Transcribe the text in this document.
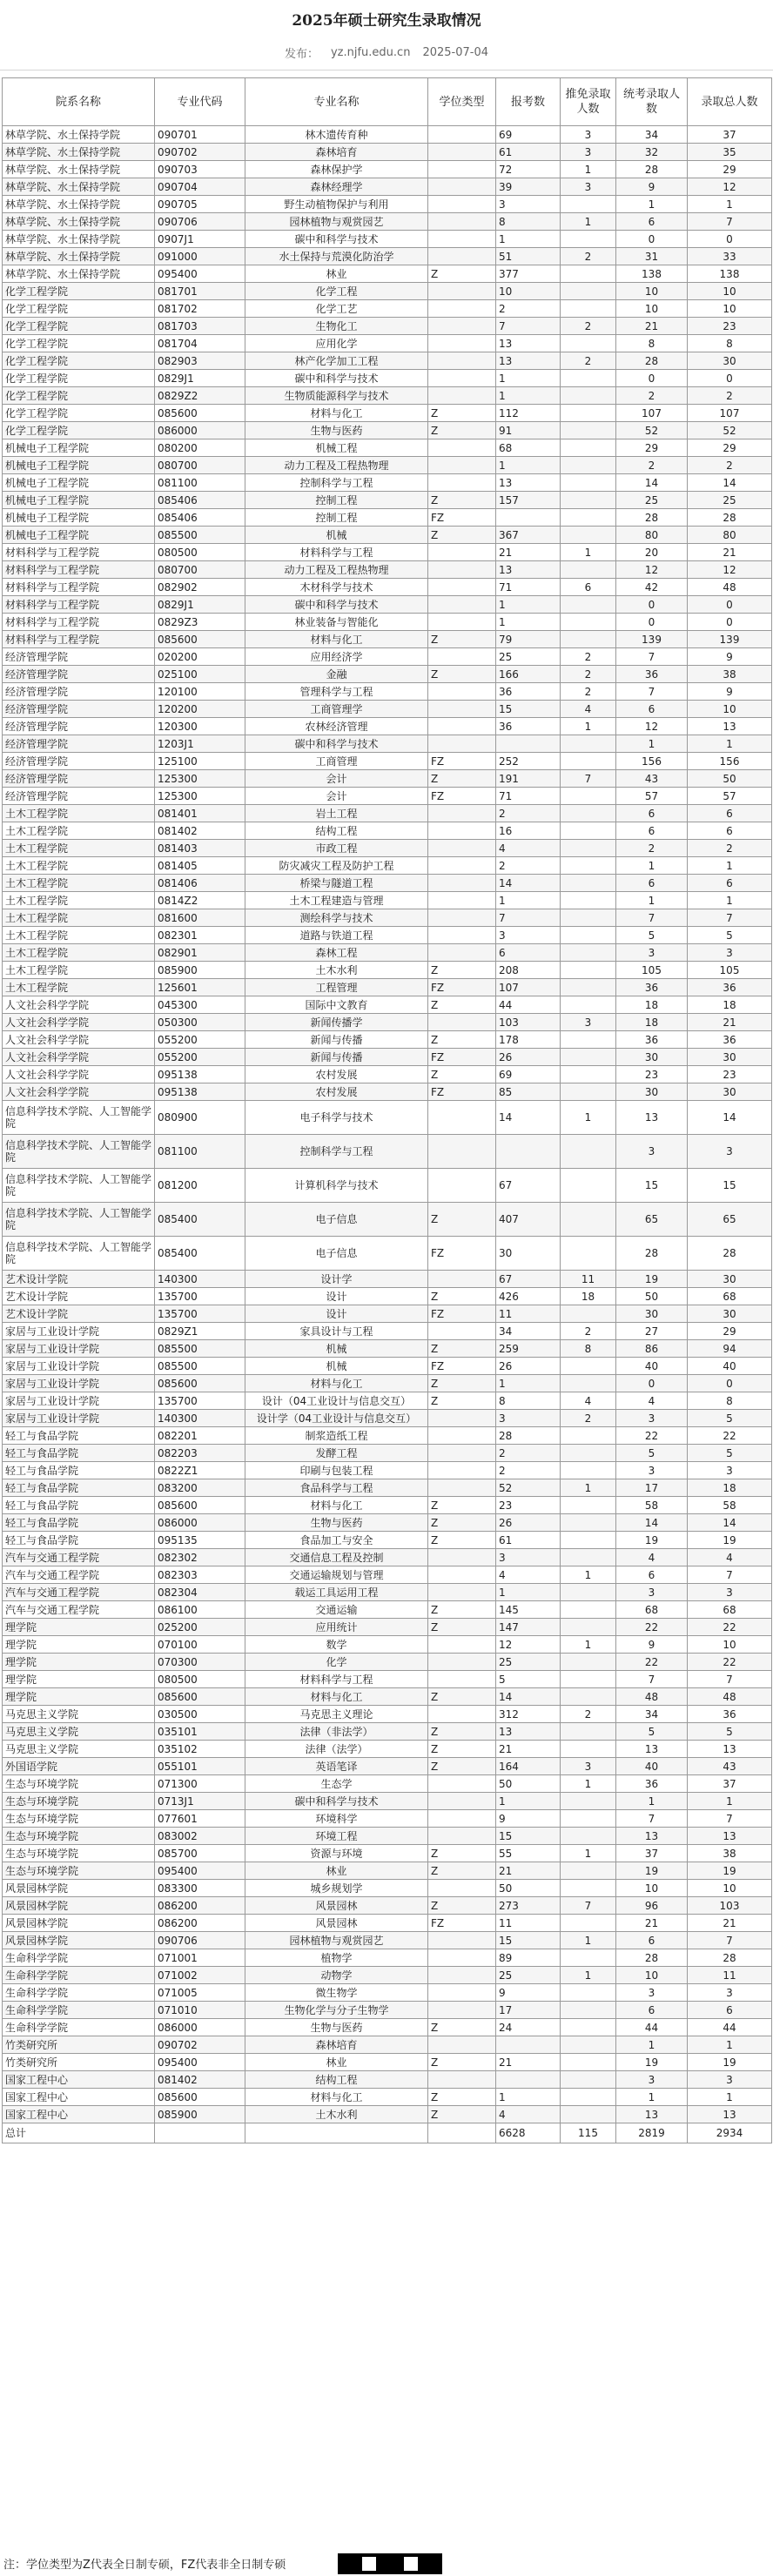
2025年硕士研究生录取情况
发布： yz.njfu.edu.cn 2025-07-04
院系名称	专业代码	专业名称	学位类型	报考数	推免录取人数	统考录取人数	录取总人数
林草学院、水土保持学院	090701	林木遗传育种		69	3	34	37
林草学院、水土保持学院	090702	森林培育		61	3	32	35
林草学院、水土保持学院	090703	森林保护学		72	1	28	29
林草学院、水土保持学院	090704	森林经理学		39	3	9	12
林草学院、水土保持学院	090705	野生动植物保护与利用		3		1	1
林草学院、水土保持学院	090706	园林植物与观赏园艺		8	1	6	7
林草学院、水土保持学院	0907J1	碳中和科学与技术		1		0	0
林草学院、水土保持学院	091000	水土保持与荒漠化防治学		51	2	31	33
林草学院、水土保持学院	095400	林业	Z	377		138	138
化学工程学院	081701	化学工程		10		10	10
化学工程学院	081702	化学工艺		2		10	10
化学工程学院	081703	生物化工		7	2	21	23
化学工程学院	081704	应用化学		13		8	8
化学工程学院	082903	林产化学加工工程		13	2	28	30
化学工程学院	0829J1	碳中和科学与技术		1		0	0
化学工程学院	0829Z2	生物质能源科学与技术		1		2	2
化学工程学院	085600	材料与化工	Z	112		107	107
化学工程学院	086000	生物与医药	Z	91		52	52
机械电子工程学院	080200	机械工程		68		29	29
机械电子工程学院	080700	动力工程及工程热物理		1		2	2
机械电子工程学院	081100	控制科学与工程		13		14	14
机械电子工程学院	085406	控制工程	Z	157		25	25
机械电子工程学院	085406	控制工程	FZ			28	28
机械电子工程学院	085500	机械	Z	367		80	80
材料科学与工程学院	080500	材料科学与工程		21	1	20	21
材料科学与工程学院	080700	动力工程及工程热物理		13		12	12
材料科学与工程学院	082902	木材科学与技术		71	6	42	48
材料科学与工程学院	0829J1	碳中和科学与技术		1		0	0
材料科学与工程学院	0829Z3	林业装备与智能化		1		0	0
材料科学与工程学院	085600	材料与化工	Z	79		139	139
经济管理学院	020200	应用经济学		25	2	7	9
经济管理学院	025100	金融	Z	166	2	36	38
经济管理学院	120100	管理科学与工程		36	2	7	9
经济管理学院	120200	工商管理学		15	4	6	10
经济管理学院	120300	农林经济管理		36	1	12	13
经济管理学院	1203J1	碳中和科学与技术				1	1
经济管理学院	125100	工商管理	FZ	252		156	156
经济管理学院	125300	会计	Z	191	7	43	50
经济管理学院	125300	会计	FZ	71		57	57
土木工程学院	081401	岩土工程		2		6	6
土木工程学院	081402	结构工程		16		6	6
土木工程学院	081403	市政工程		4		2	2
土木工程学院	081405	防灾减灾工程及防护工程		2		1	1
土木工程学院	081406	桥梁与隧道工程		14		6	6
土木工程学院	0814Z2	土木工程建造与管理		1		1	1
土木工程学院	081600	测绘科学与技术		7		7	7
土木工程学院	082301	道路与铁道工程		3		5	5
土木工程学院	082901	森林工程		6		3	3
土木工程学院	085900	土木水利	Z	208		105	105
土木工程学院	125601	工程管理	FZ	107		36	36
人文社会科学学院	045300	国际中文教育	Z	44		18	18
人文社会科学学院	050300	新闻传播学		103	3	18	21
人文社会科学学院	055200	新闻与传播	Z	178		36	36
人文社会科学学院	055200	新闻与传播	FZ	26		30	30
人文社会科学学院	095138	农村发展	Z	69		23	23
人文社会科学学院	095138	农村发展	FZ	85		30	30
信息科学技术学院、人工智能学院	080900	电子科学与技术		14	1	13	14
信息科学技术学院、人工智能学院	081100	控制科学与工程				3	3
信息科学技术学院、人工智能学院	081200	计算机科学与技术		67		15	15
信息科学技术学院、人工智能学院	085400	电子信息	Z	407		65	65
信息科学技术学院、人工智能学院	085400	电子信息	FZ	30		28	28
艺术设计学院	140300	设计学		67	11	19	30
艺术设计学院	135700	设计	Z	426	18	50	68
艺术设计学院	135700	设计	FZ	11		30	30
家居与工业设计学院	0829Z1	家具设计与工程		34	2	27	29
家居与工业设计学院	085500	机械	Z	259	8	86	94
家居与工业设计学院	085500	机械	FZ	26		40	40
家居与工业设计学院	085600	材料与化工	Z	1		0	0
家居与工业设计学院	135700	设计（04工业设计与信息交互）	Z	8	4	4	8
家居与工业设计学院	140300	设计学（04工业设计与信息交互）		3	2	3	5
轻工与食品学院	082201	制浆造纸工程		28		22	22
轻工与食品学院	082203	发酵工程		2		5	5
轻工与食品学院	0822Z1	印刷与包装工程		2		3	3
轻工与食品学院	083200	食品科学与工程		52	1	17	18
轻工与食品学院	085600	材料与化工	Z	23		58	58
轻工与食品学院	086000	生物与医药	Z	26		14	14
轻工与食品学院	095135	食品加工与安全	Z	61		19	19
汽车与交通工程学院	082302	交通信息工程及控制		3		4	4
汽车与交通工程学院	082303	交通运输规划与管理		4	1	6	7
汽车与交通工程学院	082304	载运工具运用工程		1		3	3
汽车与交通工程学院	086100	交通运输	Z	145		68	68
理学院	025200	应用统计	Z	147		22	22
理学院	070100	数学		12	1	9	10
理学院	070300	化学		25		22	22
理学院	080500	材料科学与工程		5		7	7
理学院	085600	材料与化工	Z	14		48	48
马克思主义学院	030500	马克思主义理论		312	2	34	36
马克思主义学院	035101	法律（非法学）	Z	13		5	5
马克思主义学院	035102	法律（法学）	Z	21		13	13
外国语学院	055101	英语笔译	Z	164	3	40	43
生态与环境学院	071300	生态学		50	1	36	37
生态与环境学院	0713J1	碳中和科学与技术		1		1	1
生态与环境学院	077601	环境科学		9		7	7
生态与环境学院	083002	环境工程		15		13	13
生态与环境学院	085700	资源与环境	Z	55	1	37	38
生态与环境学院	095400	林业	Z	21		19	19
风景园林学院	083300	城乡规划学		50		10	10
风景园林学院	086200	风景园林	Z	273	7	96	103
风景园林学院	086200	风景园林	FZ	11		21	21
风景园林学院	090706	园林植物与观赏园艺		15	1	6	7
生命科学学院	071001	植物学		89		28	28
生命科学学院	071002	动物学		25	1	10	11
生命科学学院	071005	微生物学		9		3	3
生命科学学院	071010	生物化学与分子生物学		17		6	6
生命科学学院	086000	生物与医药	Z	24		44	44
竹类研究所	090702	森林培育				1	1
竹类研究所	095400	林业	Z	21		19	19
国家工程中心	081402	结构工程				3	3
国家工程中心	085600	材料与化工	Z	1		1	1
国家工程中心	085900	土木水利	Z	4		13	13
总计				6628	115	2819	2934
注：学位类型为Z代表全日制专硕，FZ代表非全日制专硕
